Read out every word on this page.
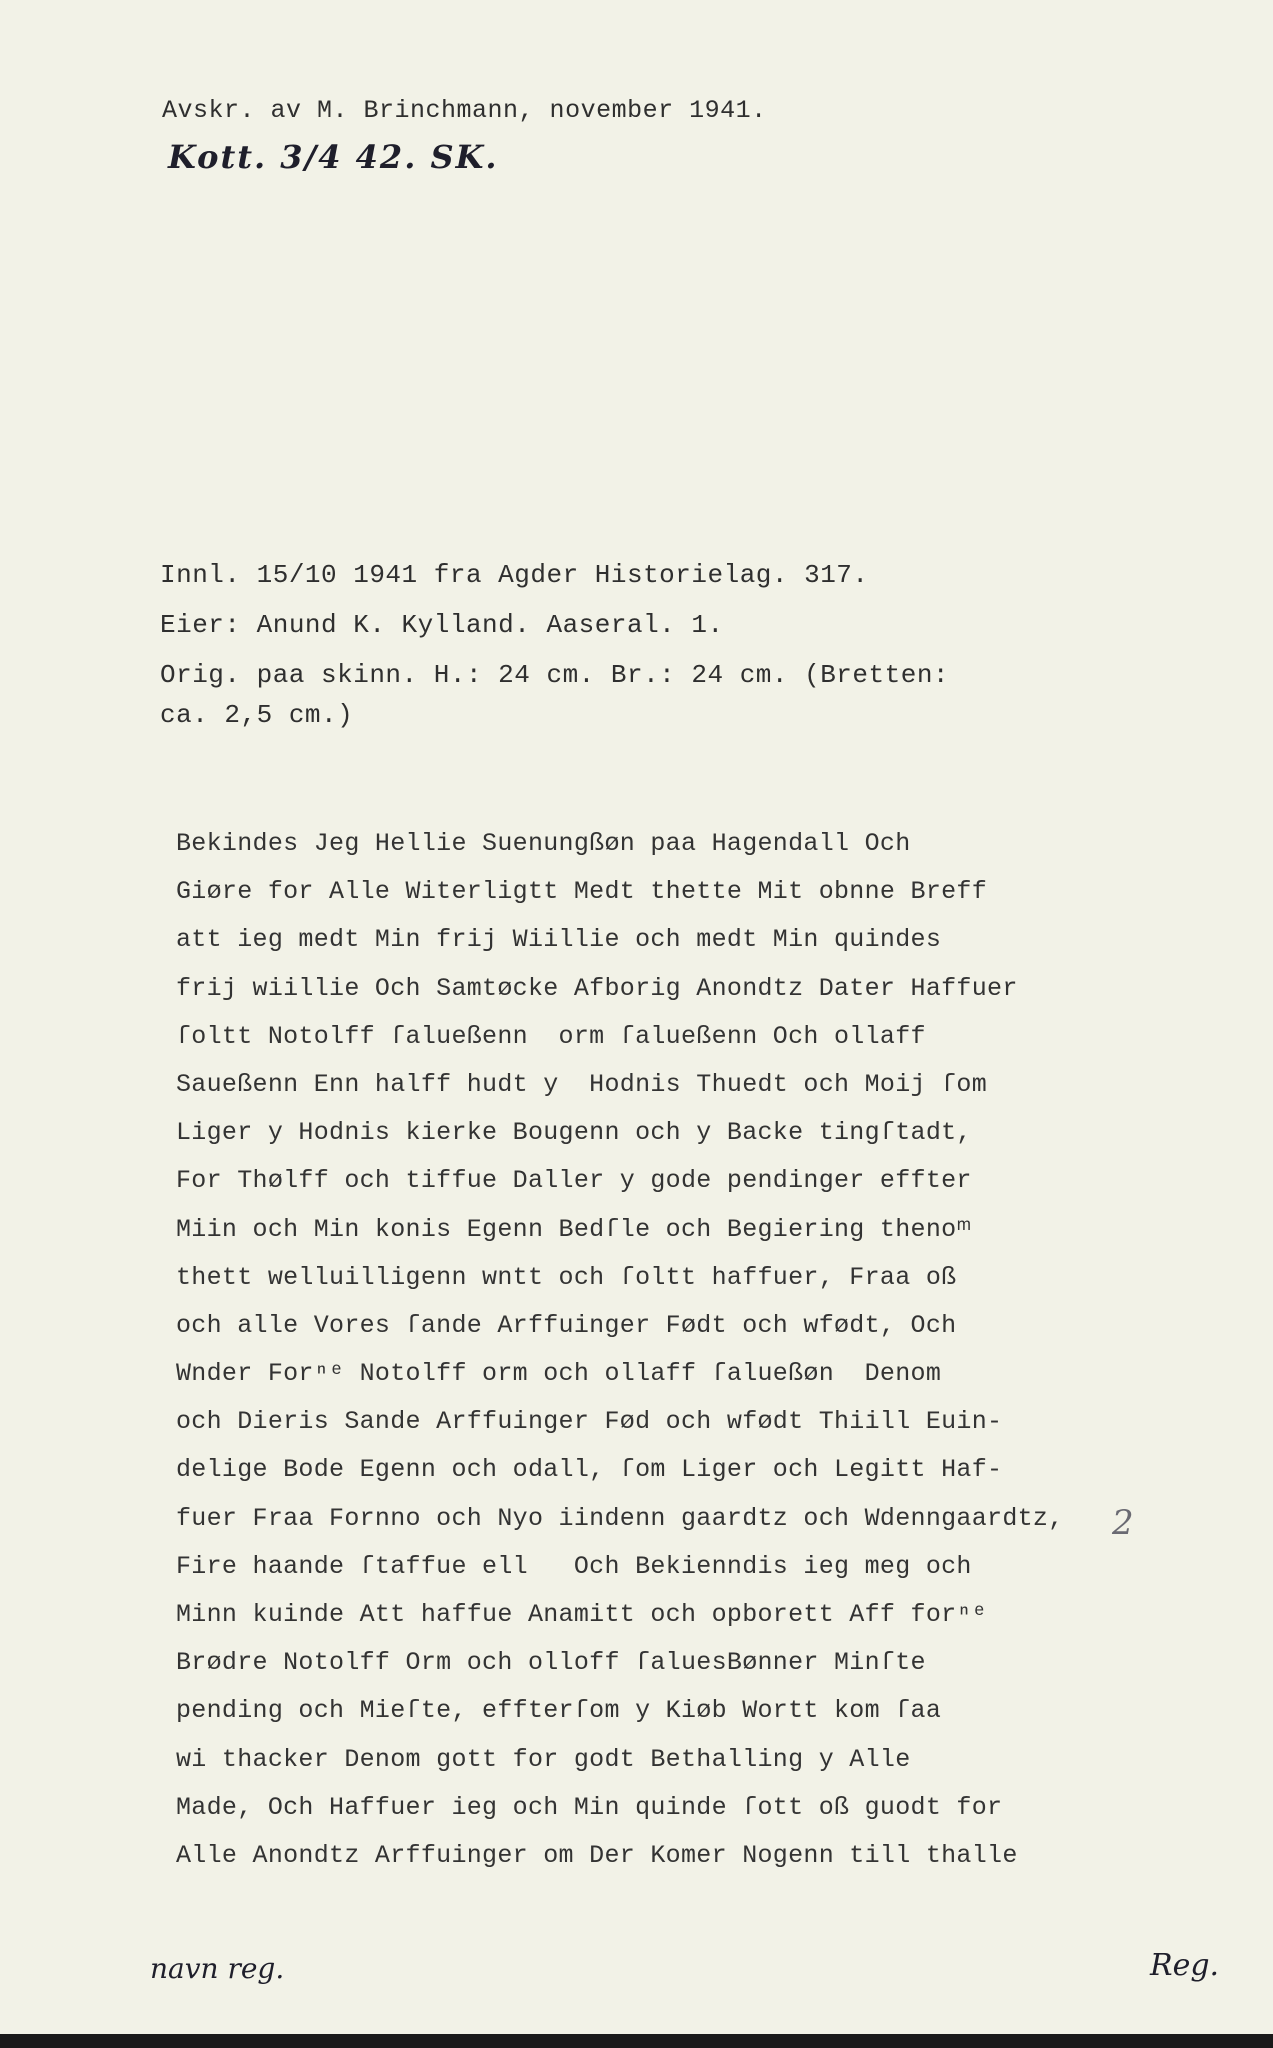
Avskr. av M. Brinchmann, november 1941.
Kott. 3/4 42. SK.
Innl. 15/10 1941 fra Agder Historielag. 317.
Eier: Anund K. Kylland. Aaseral. 1.
Orig. paa skinn. H.: 24 cm. Br.: 24 cm. (Bretten:
ca. 2,5 cm.)
Bekindes Jeg Hellie Suenungßøn paa Hagendall Och
Giøre for Alle Witerligtt Medt thette Mit obnne Breff
att ieg medt Min frij Wiillie och medt Min quindes
frij wiillie Och Samtøcke Afborig Anondtz Dater Haffuer
ſoltt Notolff ſalueßenn  orm ſalueßenn Och ollaff
Saueßenn Enn halff hudt y  Hodnis Thuedt och Moij ſom
Liger y Hodnis kierke Bougenn och y Backe tingſtadt,
For Thølff och tiffue Daller y gode pendinger effter
Miin och Min konis Egenn Bedſle och Begiering thenoᵐ
thett welluilligenn wntt och ſoltt haffuer, Fraa oß
och alle Vores ſande Arffuinger Født och wfødt, Och
Wnder Forⁿᵉ Notolff orm och ollaff ſalueßøn  Denom
och Dieris Sande Arffuinger Fød och wfødt Thiill Euin-
delige Bode Egenn och odall, ſom Liger och Legitt Haf-
fuer Fraa Fornno och Nyo iindenn gaardtz och Wdenngaardtz,
Fire haande ſtaffue ell   Och Bekienndis ieg meg och
Minn kuinde Att haffue Anamitt och opborett Aff forⁿᵉ
Brødre Notolff Orm och olloff ſaluesBønner Minſte
pending och Mieſte, effterſom y Kiøb Wortt kom ſaa
wi thacker Denom gott for godt Bethalling y Alle
Made, Och Haffuer ieg och Min quinde ſott oß guodt for
Alle Anondtz Arffuinger om Der Komer Nogenn till thalle
2
navn reg.	Reg.
